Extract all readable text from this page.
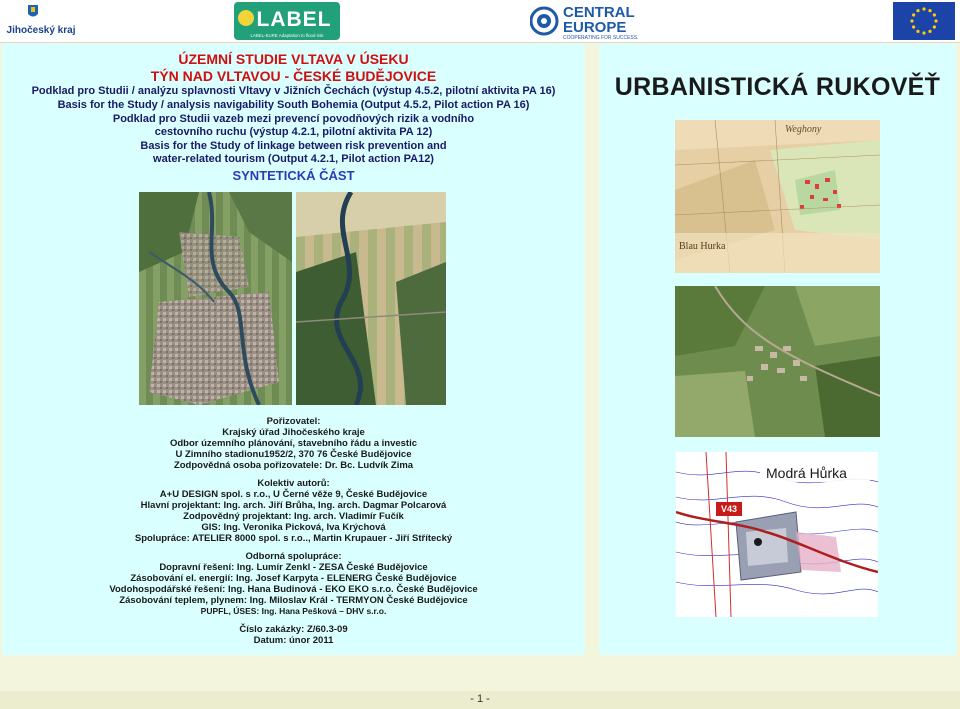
Jihočeský kraj	LABEL
LABEL-EURE Adaptation to flood risk
CENTRAL
EUROPE
COOPERATING FOR SUCCESS.
ÚZEMNÍ STUDIE VLTAVA V ÚSEKU
TÝN NAD VLTAVOU - ČESKÉ BUDĚJOVICE
Podklad pro Studii / analýzu splavnosti Vltavy v Jižních Čechách (výstup 4.5.2, pilotní aktivita PA 16)
Basis for the Study / analysis navigability South Bohemia (Output 4.5.2, Pilot action PA 16)
Podklad pro Studii vazeb mezi prevencí povodňových rizik a vodního
cestovního ruchu (výstup 4.2.1, pilotní aktivita PA 12)
Basis for the Study of linkage between risk prevention and
water-related tourism (Output 4.2.1, Pilot action PA12)
SYNTETICKÁ ČÁST
Pořizovatel:
Krajský úřad Jihočeského kraje
Odbor územního plánování, stavebního řádu a investic
U Zimního stadionu1952/2, 370 76 České Budějovice
Zodpovědná osoba pořizovatele: Dr. Bc. Ludvík Zima
Kolektiv autorů:
A+U DESIGN spol. s r.o., U Černé věže 9, České Budějovice
Hlavní projektant: Ing. arch. Jiří Brůha, Ing. arch. Dagmar Polcarová
Zodpovědný projektant: Ing. arch. Vladimír Fučík
GIS: Ing. Veronika Picková, Iva Krýchová
Spolupráce: ATELIER 8000 spol. s r.o.., Martin Krupauer - Jiří Střítecký
Odborná spolupráce:
Dopravní řešení: Ing. Lumír Zenkl - ZESA České Budějovice
Zásobování el. energií: Ing. Josef Karpyta - ELENERG České Budějovice
Vodohospodářské řešení: Ing. Hana Budinová - EKO EKO s.r.o. České Budějovice
Zásobování teplem, plynem: Ing. Miloslav Král - TERMYON České Budějovice
PUPFL, ÚSES: Ing. Hana Pešková – DHV s.r.o.
Číslo zakázky: Z/60.3-09
Datum: únor 2011
URBANISTICKÁ RUKOVĚŤ
Weghony
Blau Hurka
V43
Modrá Hůrka
- 1 -
